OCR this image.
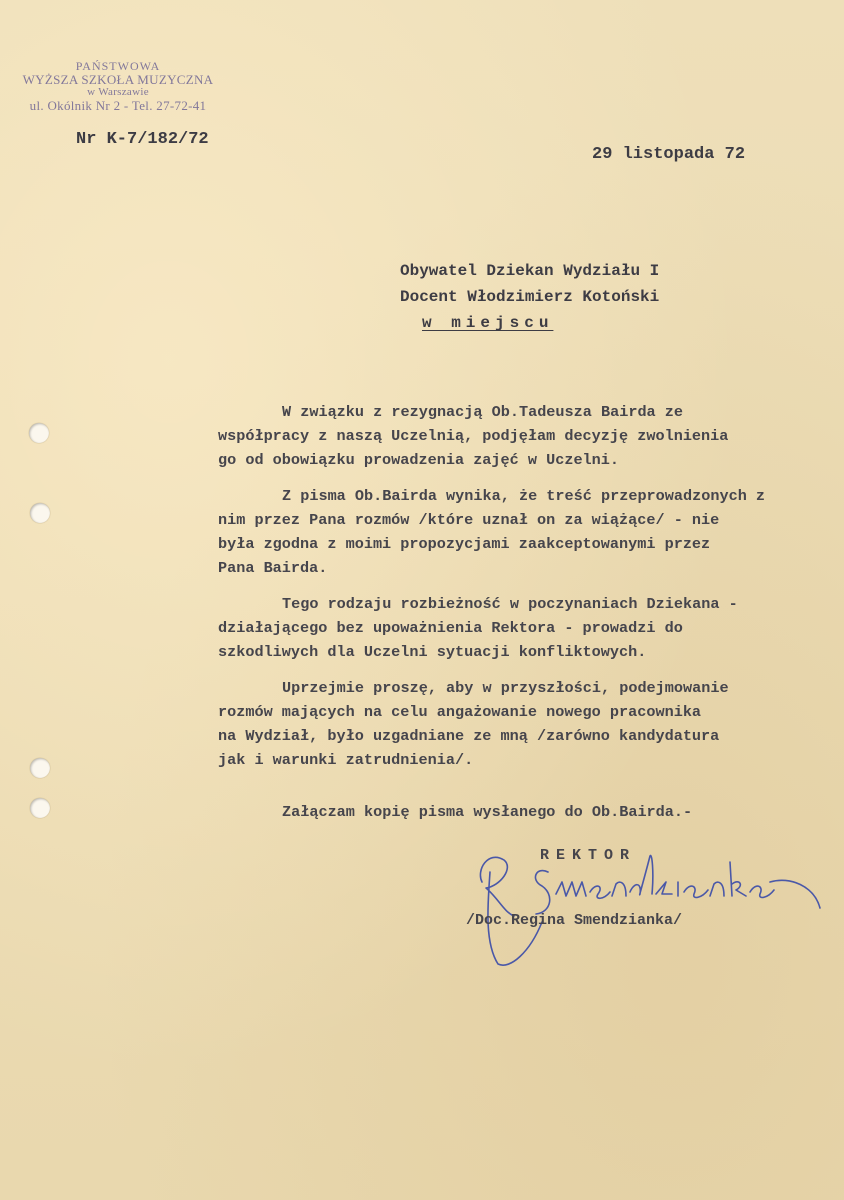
PAŃSTWOWA
WYŻSZA SZKOŁA MUZYCZNA
w Warszawie
ul. Okólnik Nr 2 - Tel. 27-72-41
Nr K-7/182/72
29 listopada 72
Obywatel Dziekan Wydziału I
Docent Włodzimierz Kotoński
w miejscu

W związku z rezygnacją Ob.Tadeusza Bairda ze
współpracy z naszą Uczelnią, podjęłam decyzję zwolnienia
go od obowiązku prowadzenia zajęć w Uczelni.

Z pisma Ob.Bairda wynika, że treść przeprowadzonych z
nim przez Pana rozmów /które uznał on za wiążące/ - nie
była zgodna z moimi propozycjami zaakceptowanymi przez
Pana Bairda.

Tego rodzaju rozbieżność w poczynaniach Dziekana -
działającego bez upoważnienia Rektora - prowadzi do
szkodliwych dla Uczelni sytuacji konfliktowych.

Uprzejmie proszę, aby w przyszłości, podejmowanie
rozmów mających na celu angażowanie nowego pracownika
na Wydział, było uzgadniane ze mną /zarówno kandydatura
jak i warunki zatrudnienia/.

Załączam kopię pisma wysłanego do Ob.Bairda.-
REKTOR
/Doc.Regina Smendzianka/
